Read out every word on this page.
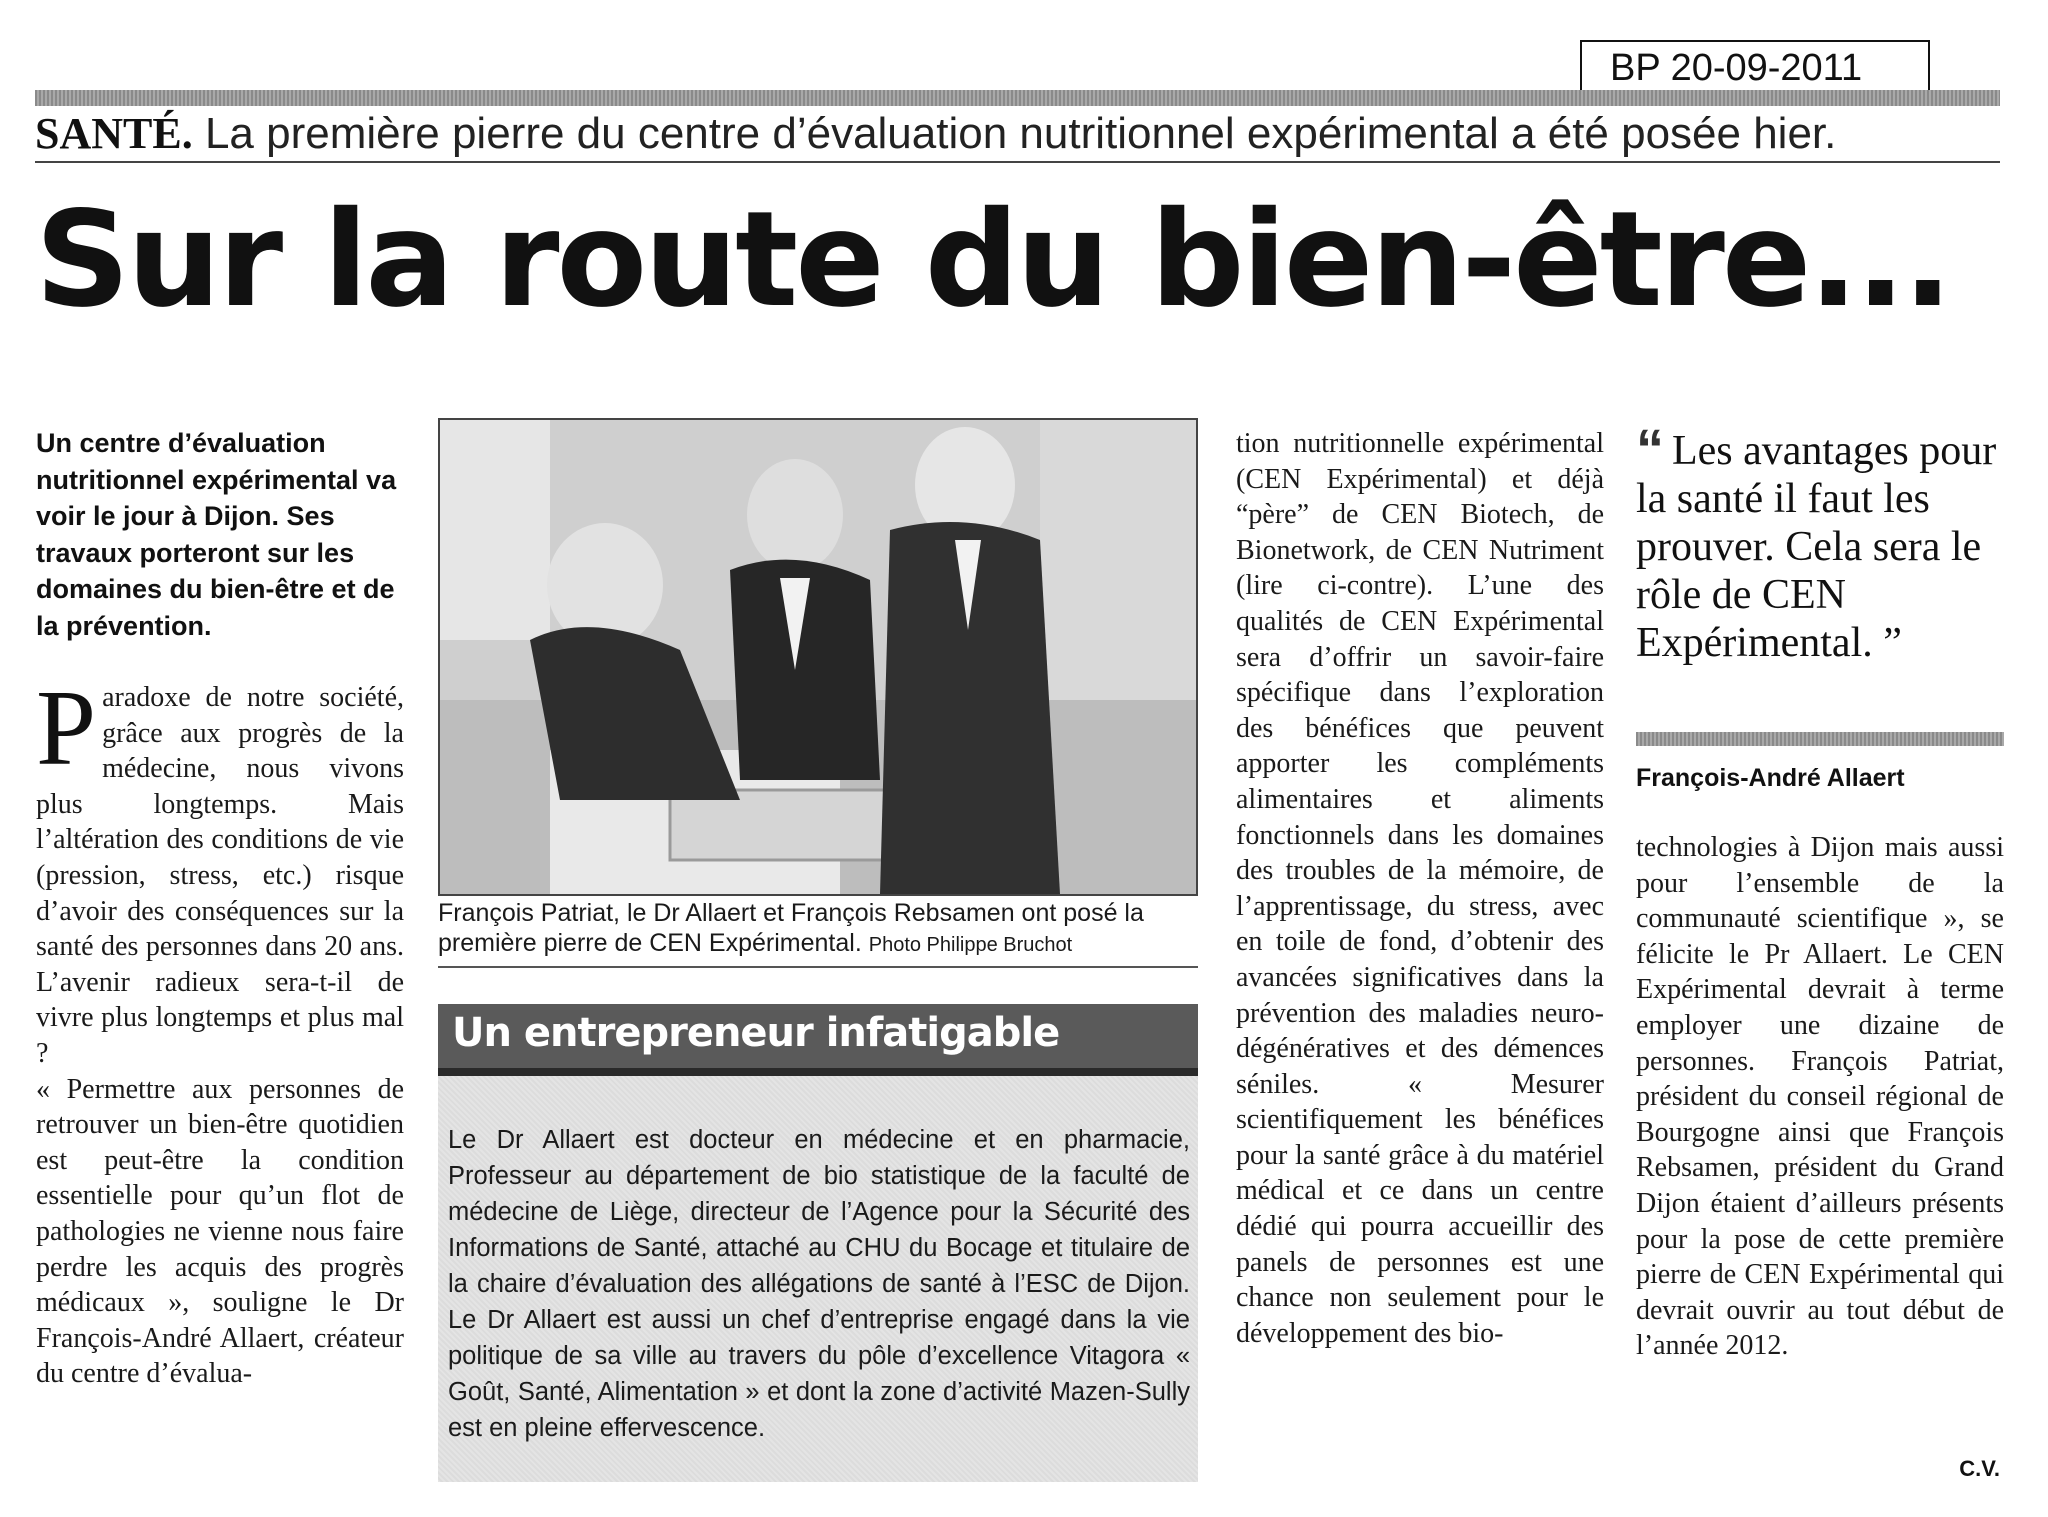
BP 20-09-2011
SANTÉ. La première pierre du centre d’évaluation nutritionnel expérimental a été posée hier.
Sur la route du bien-être...
Un centre d’évaluation nutritionnel expérimental va voir le jour à Dijon. Ses travaux porteront sur les domaines du bien-être et de la prévention.
P aradoxe de notre société, grâce aux progrès de la médecine, nous vivons plus longtemps. Mais l’altération des conditions de vie (pression, stress, etc.) risque d’avoir des conséquences sur la santé des personnes dans 20 ans. L’avenir radieux sera-t-il de vivre plus longtemps et plus mal ?

« Permettre aux personnes de retrouver un bien-être quotidien est peut-être la condition essentielle pour qu’un flot de pathologies ne vienne nous faire perdre les acquis des progrès médicaux », souligne le Dr François-André Allaert, créateur du centre d’évalua-

François Patriat, le Dr Allaert et François Rebsamen ont posé la première pierre de CEN Expérimental. Photo Philippe Bruchot
Un entrepreneur infatigable
Le Dr Allaert est docteur en médecine et en pharmacie, Professeur au département de bio statistique de la faculté de médecine de Liège, directeur de l’Agence pour la Sécurité des Informations de Santé, attaché au CHU du Bocage et titulaire de la chaire d’évaluation des allégations de santé à l’ESC de Dijon. Le Dr Allaert est aussi un chef d’entreprise engagé dans la vie politique de sa ville au travers du pôle d’excellence Vitagora « Goût, Santé, Alimentation » et dont la zone d’activité Mazen-Sully est en pleine effervescence.
tion nutritionnelle expérimental (CEN Expérimental) et déjà “père” de CEN Biotech, de Bionetwork, de CEN Nutriment (lire ci-contre). L’une des qualités de CEN Expérimental sera d’offrir un savoir-faire spécifique dans l’exploration des bénéfices que peuvent apporter les compléments alimentaires et aliments fonctionnels dans les domaines des troubles de la mémoire, de l’apprentissage, du stress, avec en toile de fond, d’obtenir des avancées significatives dans la prévention des maladies neuro-dégénératives et des démences séniles. « Mesurer scientifiquement les bénéfices pour la santé grâce à du matériel médical et ce dans un centre dédié qui pourra accueillir des panels de personnes est une chance non seulement pour le développement des bio-
“ Les avantages pour la santé il faut les prouver. Cela sera le rôle de CEN Expérimental. ”
François-André Allaert
technologies à Dijon mais aussi pour l’ensemble de la communauté scientifique », se félicite le Pr Allaert. Le CEN Expérimental devrait à terme employer une dizaine de personnes. François Patriat, président du conseil régional de Bourgogne ainsi que François Rebsamen, président du Grand Dijon étaient d’ailleurs présents pour la pose de cette première pierre de CEN Expérimental qui devrait ouvrir au tout début de l’année 2012.
C.V.
